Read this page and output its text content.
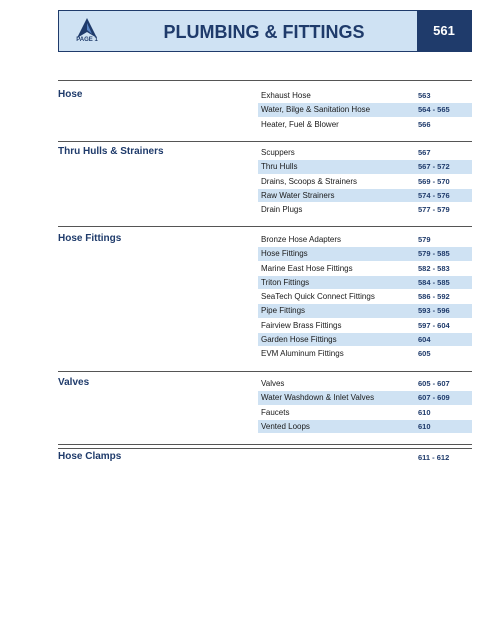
PAGE 1	PLUMBING & FITTINGS	561
Hose	Exhaust Hose	563
Water, Bilge & Sanitation Hose	564 - 565
Heater, Fuel & Blower	566
Thru Hulls & Strainers	Scuppers	567
Thru Hulls	567 - 572
Drains, Scoops & Strainers	569 - 570
Raw Water Strainers	574 - 576
Drain Plugs	577 - 579
Hose Fittings	Bronze Hose Adapters	579
Hose Fittings	579 - 585
Marine East Hose Fittings	582 - 583
Triton Fittings	584 - 585
SeaTech Quick Connect Fittings	586 - 592
Pipe Fittings	593 - 596
Fairview Brass Fittings	597 - 604
Garden Hose Fittings	604
EVM Aluminum Fittings	605
Valves	Valves	605 - 607
Water Washdown & Inlet Valves	607 - 609
Faucets	610
Vented Loops	610
Hose Clamps	611 - 612
